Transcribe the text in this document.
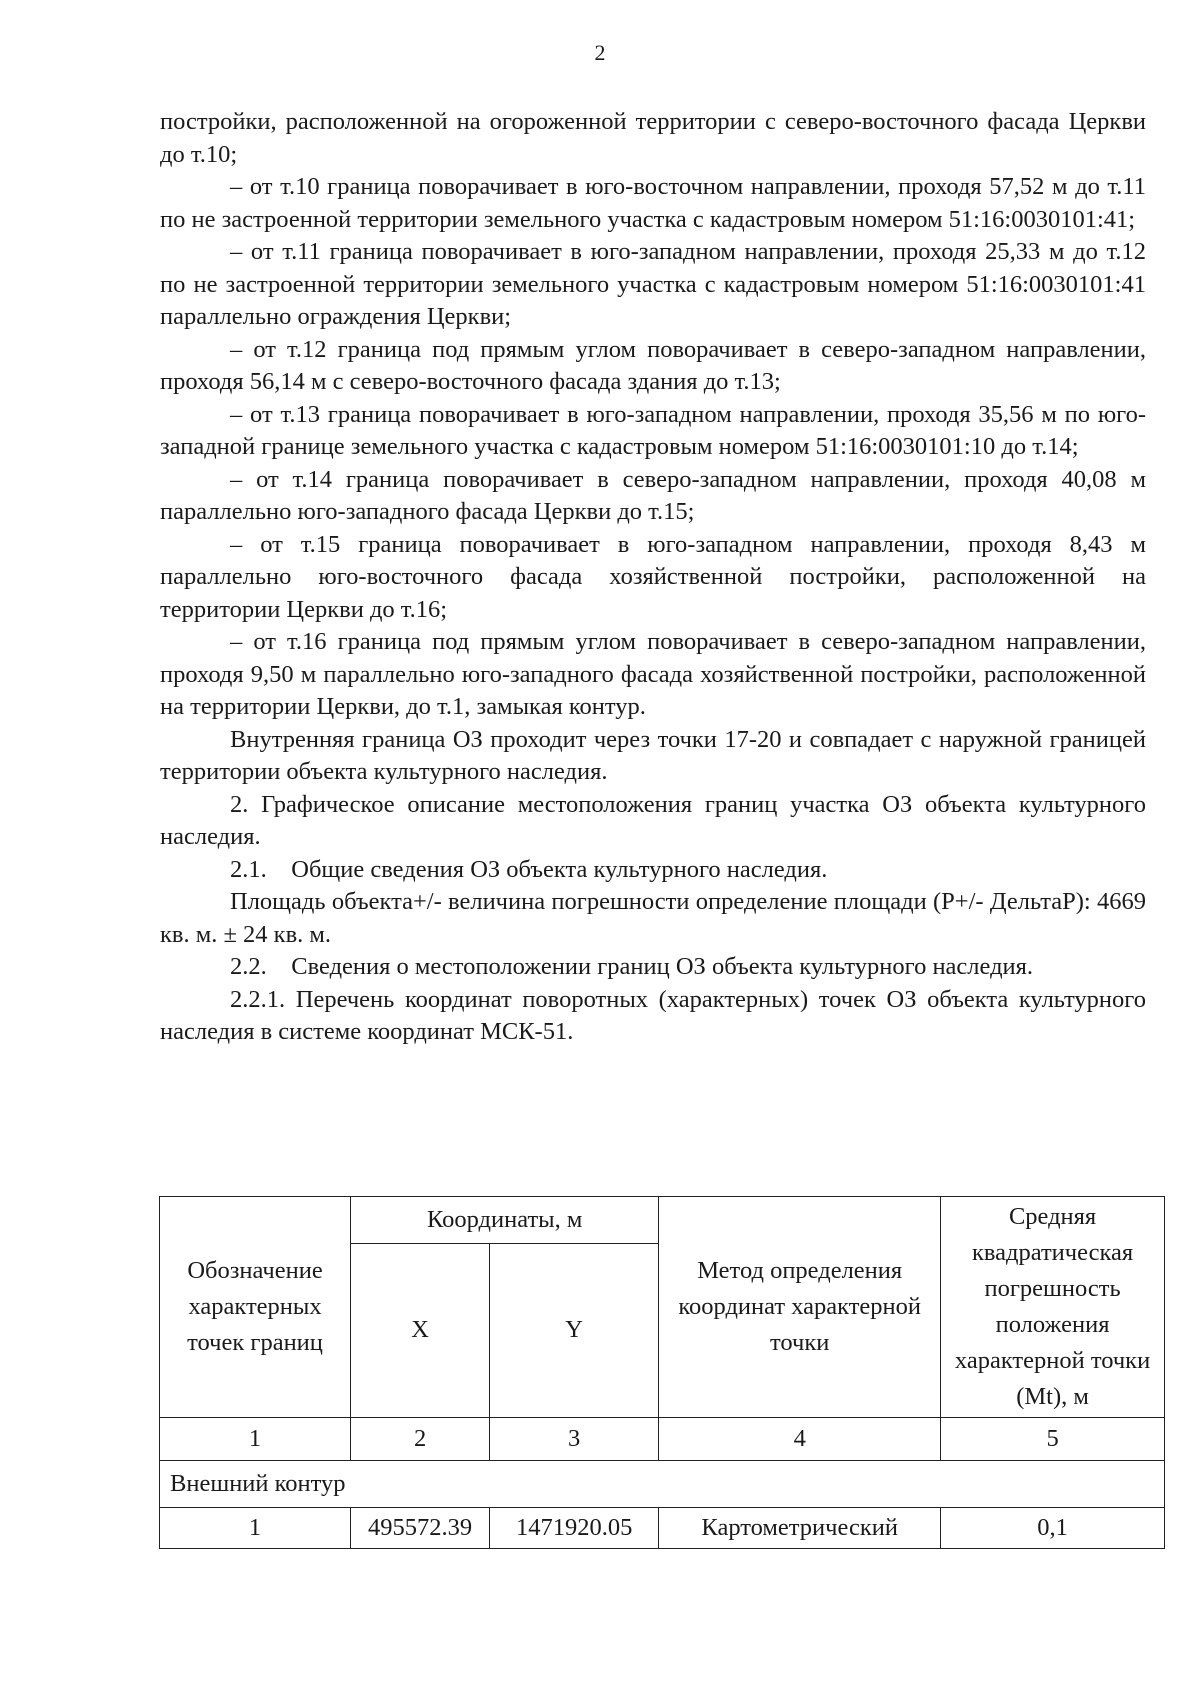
2

постройки, расположенной на огороженной территории с северо-восточного фасада Церкви до т.10;

– от т.10 граница поворачивает в юго-восточном направлении, проходя 57,52 м до т.11 по не застроенной территории земельного участка с кадастровым номером 51:16:0030101:41;

– от т.11 граница поворачивает в юго-западном направлении, проходя 25,33 м до т.12 по не застроенной территории земельного участка с кадастровым номером 51:16:0030101:41 параллельно ограждения Церкви;

– от т.12 граница под прямым углом поворачивает в северо-западном направлении, проходя 56,14 м с северо-восточного фасада здания до т.13;

– от т.13 граница поворачивает в юго-западном направлении, проходя 35,56 м по юго-западной границе земельного участка с кадастровым номером 51:16:0030101:10 до т.14;

– от т.14 граница поворачивает в северо-западном направлении, проходя 40,08 м параллельно юго-западного фасада Церкви до т.15;

– от т.15 граница поворачивает в юго-западном направлении, проходя 8,43 м параллельно юго-восточного фасада хозяйственной постройки, расположенной на территории Церкви до т.16;

– от т.16 граница под прямым углом поворачивает в северо-западном направлении, проходя 9,50 м параллельно юго-западного фасада хозяйственной постройки, расположенной на территории Церкви, до т.1, замыкая контур.

Внутренняя граница ОЗ проходит через точки 17-20 и совпадает с наружной границей территории объекта культурного наследия.

2. Графическое описание местоположения границ участка ОЗ объекта культурного наследия.

2.1.    Общие сведения ОЗ объекта культурного наследия.

Площадь объекта+/- величина погрешности определение площади (Р+/- ДельтаР): 4669 кв. м. ± 24 кв. м.

2.2.    Сведения о местоположении границ ОЗ объекта культурного наследия.

2.2.1. Перечень координат поворотных (характерных) точек ОЗ объекта культурного наследия в системе координат МСК-51.

Обозначение характерных точек границ	Координаты, м		Метод определения координат характерной точки	Средняя квадратическая погрешность положения характерной точки (Mt), м
	X	Y		
1	2	3	4	5
Внешний контур				
1	495572.39	1471920.05	Картометрический	0,1
